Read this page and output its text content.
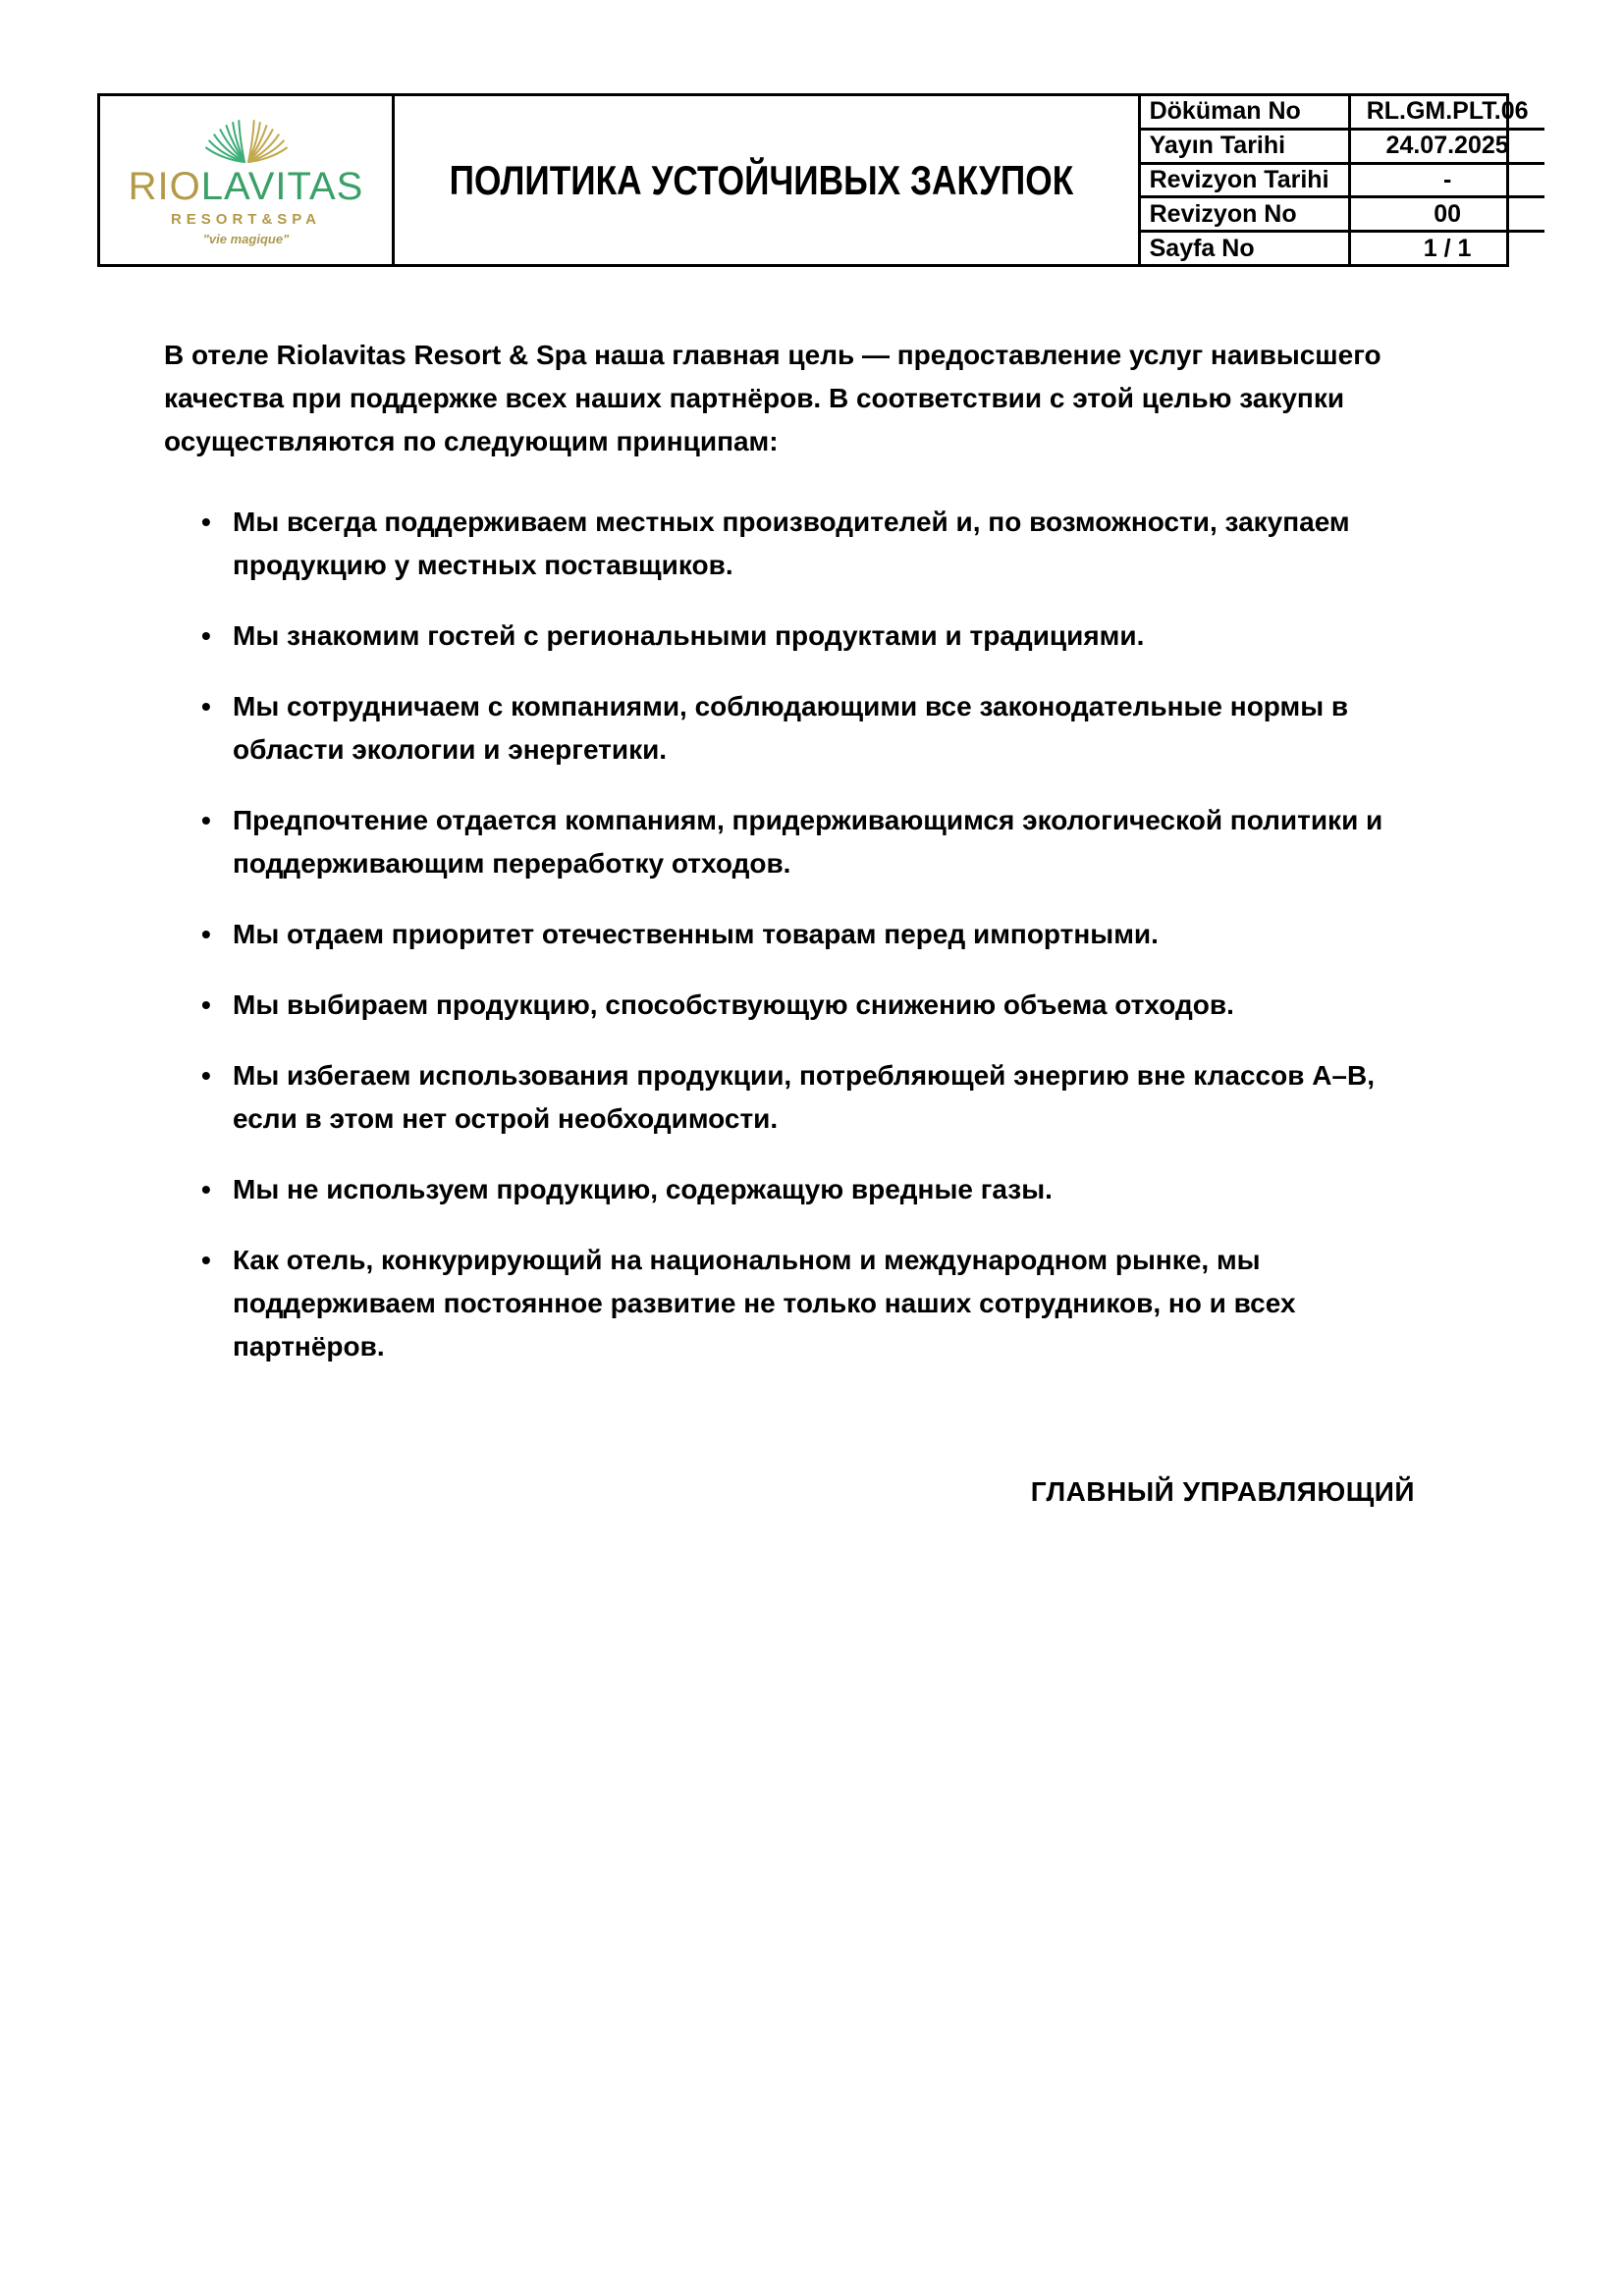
RIOLAVITAS
RESORT&SPA
"vie magique"
ПОЛИТИКА УСТОЙЧИВЫХ ЗАКУПОК
Döküman No	RL.GM.PLT.06
Yayın Tarihi	24.07.2025
Revizyon Tarihi	-
Revizyon No	00
Sayfa No	1 / 1

В отеле Riolavitas Resort & Spa наша главная цель — предоставление услуг наивысшего качества при поддержке всех наших партнёров. В соответствии с этой целью закупки осуществляются по следующим принципам:

• Мы всегда поддерживаем местных производителей и, по возможности, закупаем продукцию у местных поставщиков.
• Мы знакомим гостей с региональными продуктами и традициями.
• Мы сотрудничаем с компаниями, соблюдающими все законодательные нормы в области экологии и энергетики.
• Предпочтение отдается компаниям, придерживающимся экологической политики и поддерживающим переработку отходов.
• Мы отдаем приоритет отечественным товарам перед импортными.
• Мы выбираем продукцию, способствующую снижению объема отходов.
• Мы избегаем использования продукции, потребляющей энергию вне классов А–В, если в этом нет острой необходимости.
• Мы не используем продукцию, содержащую вредные газы.
• Как отель, конкурирующий на национальном и международном рынке, мы поддерживаем постоянное развитие не только наших сотрудников, но и всех партнёров.
ГЛАВНЫЙ УПРАВЛЯЮЩИЙ
